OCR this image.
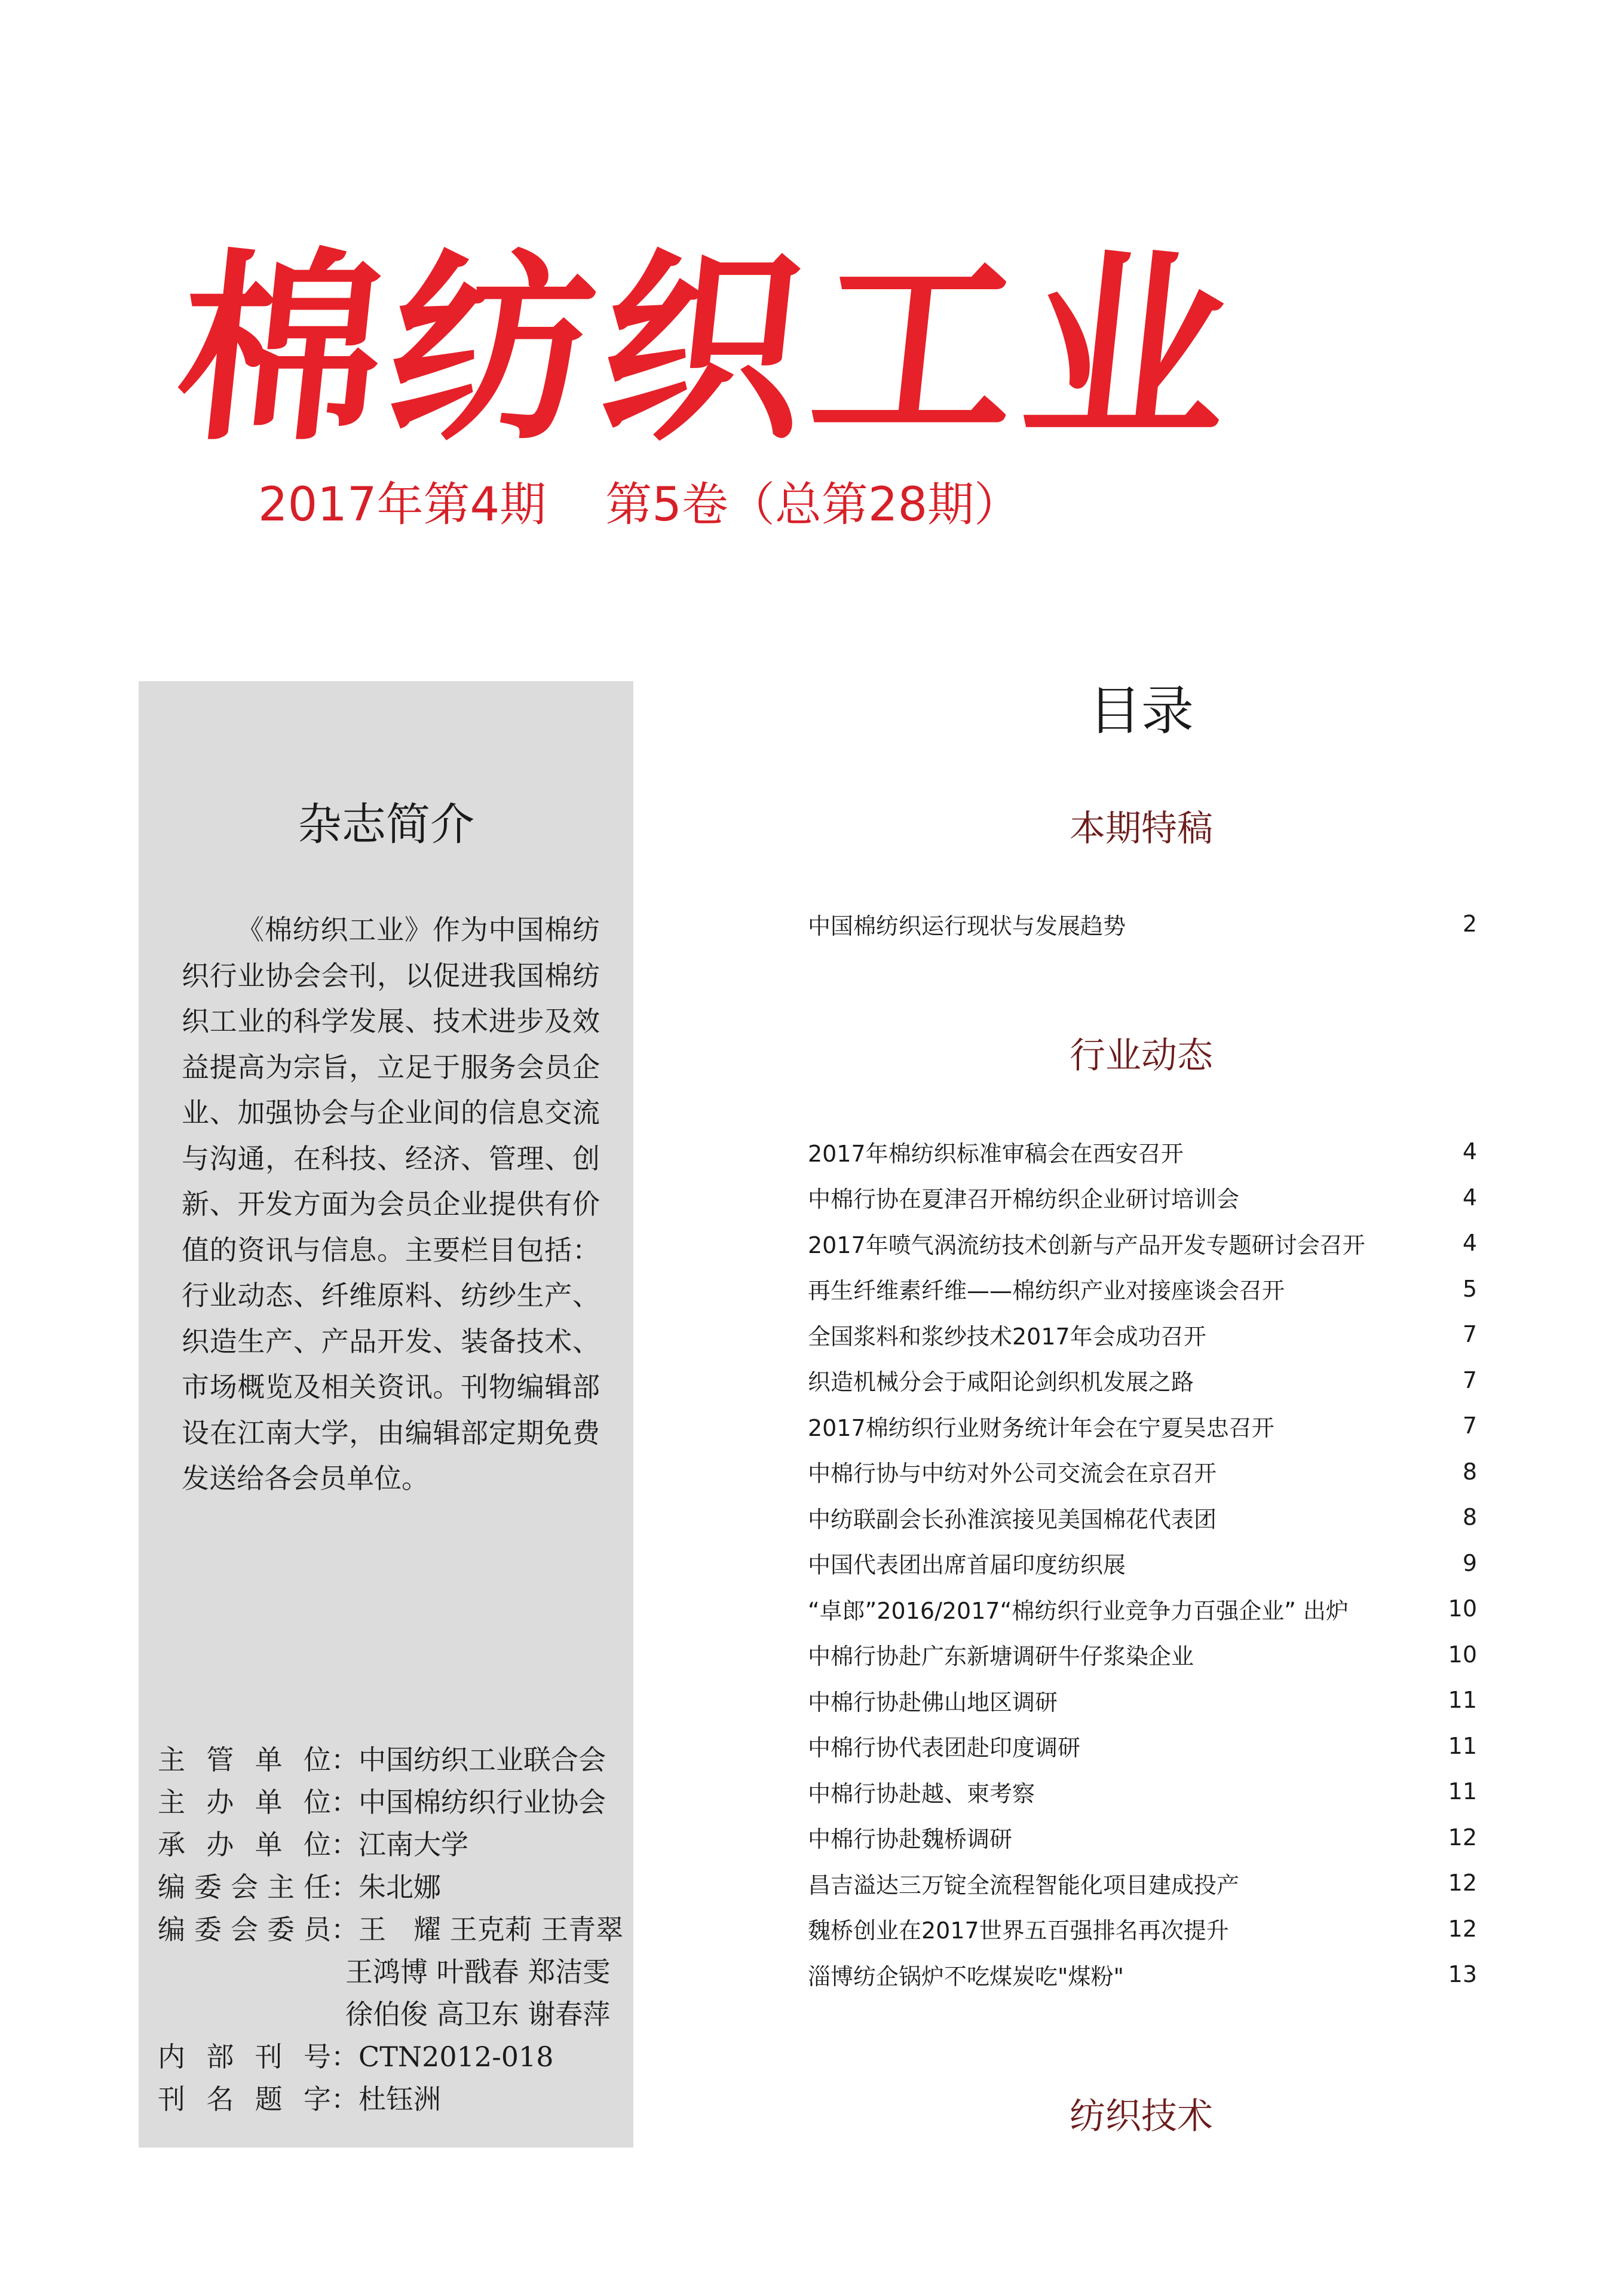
棉纺织工业
2017年第4期    第5卷（总第28期）
杂志简介
《棉纺织工业》作为中国棉纺织行业协会会刊，以促进我国棉纺织工业的科学发展、技术进步及效益提高为宗旨，立足于服务会员企业、加强协会与企业间的信息交流与沟通，在科技、经济、管理、创新、开发方面为会员企业提供有价值的资讯与信息。主要栏目包括：行业动态、纤维原料、纺纱生产、织造生产、产品开发、装备技术、市场概览及相关资讯。刊物编辑部设在江南大学，由编辑部定期免费发送给各会员单位。
主管单位 ： 中国纺织工业联合会
主办单位 ： 中国棉纺织行业协会
承办单位 ： 江南大学
编委会主任 ： 朱北娜
编委会委员 ： 王　耀 王克莉 王青翠
王鸿博 叶戬春 郑洁雯
徐伯俊 高卫东 谢春萍
内部刊号 ： CTN2012-018
刊名题字 ： 杜钰洲
目录
本期特稿
中国棉纺织运行现状与发展趋势	2
行业动态
2017年棉纺织标准审稿会在西安召开	4
中棉行协在夏津召开棉纺织企业研讨培训会	4
2017年喷气涡流纺技术创新与产品开发专题研讨会召开	4
再生纤维素纤维——棉纺织产业对接座谈会召开	5
全国浆料和浆纱技术2017年会成功召开	7
织造机械分会于咸阳论剑织机发展之路	7
2017棉纺织行业财务统计年会在宁夏吴忠召开	7
中棉行协与中纺对外公司交流会在京召开	8
中纺联副会长孙淮滨接见美国棉花代表团	8
中国代表团出席首届印度纺织展	9
“卓郎”2016/2017“棉纺织行业竞争力百强企业” 出炉	10
中棉行协赴广东新塘调研牛仔浆染企业	10
中棉行协赴佛山地区调研	11
中棉行协代表团赴印度调研	11
中棉行协赴越、柬考察	11
中棉行协赴魏桥调研	12
昌吉溢达三万锭全流程智能化项目建成投产	12
魏桥创业在2017世界五百强排名再次提升	12
淄博纺企锅炉不吃煤炭吃"煤粉"	13
纺织技术
